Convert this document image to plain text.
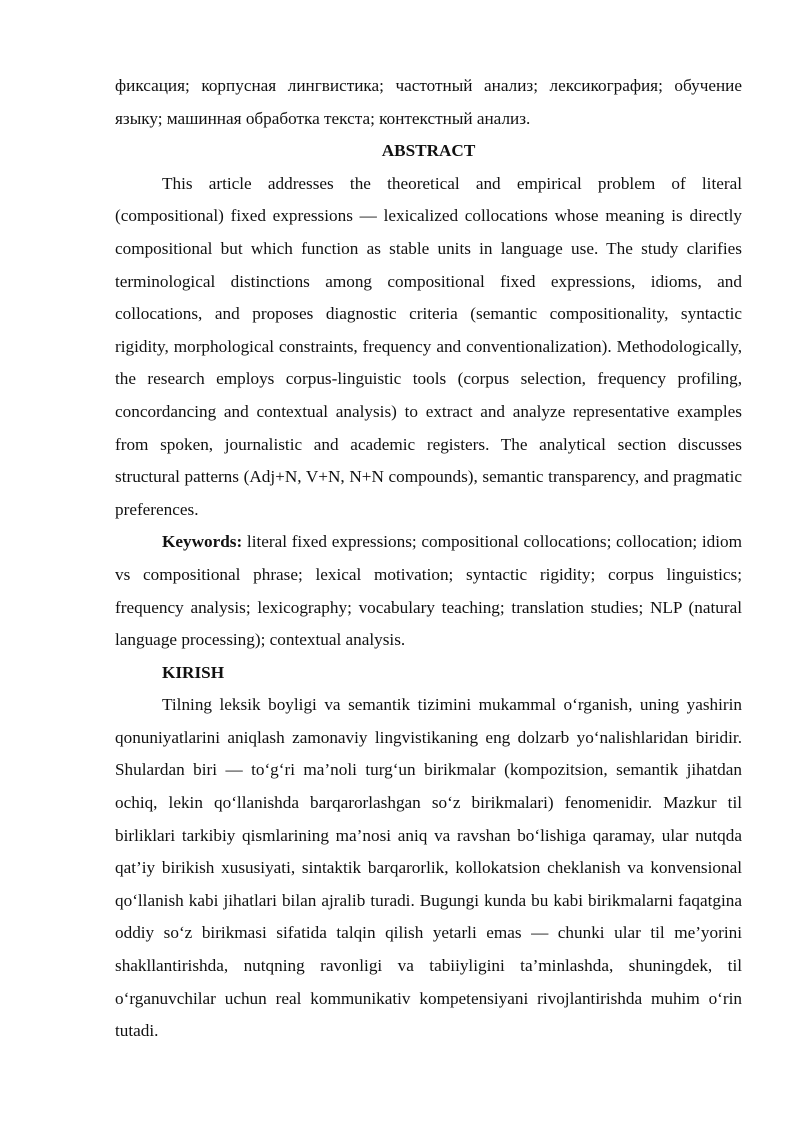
фиксация; корпусная лингвистика; частотный анализ; лексикография; обучение языку; машинная обработка текста; контекстный анализ.

ABSTRACT

This article addresses the theoretical and empirical problem of literal (compositional) fixed expressions — lexicalized collocations whose meaning is directly compositional but which function as stable units in language use. The study clarifies terminological distinctions among compositional fixed expressions, idioms, and collocations, and proposes diagnostic criteria (semantic compositionality, syntactic rigidity, morphological constraints, frequency and conventionalization). Methodologically, the research employs corpus-linguistic tools (corpus selection, frequency profiling, concordancing and contextual analysis) to extract and analyze representative examples from spoken, journalistic and academic registers. The analytical section discusses structural patterns (Adj+N, V+N, N+N compounds), semantic transparency, and pragmatic preferences.

Keywords: literal fixed expressions; compositional collocations; collocation; idiom vs compositional phrase; lexical motivation; syntactic rigidity; corpus linguistics; frequency analysis; lexicography; vocabulary teaching; translation studies; NLP (natural language processing); contextual analysis.

KIRISH

Tilning leksik boyligi va semantik tizimini mukammal o‘rganish, uning yashirin qonuniyatlarini aniqlash zamonaviy lingvistikaning eng dolzarb yo‘nalishlaridan biridir. Shulardan biri — to‘g‘ri ma’noli turg‘un birikmalar (kompozitsion, semantik jihatdan ochiq, lekin qo‘llanishda barqarorlashgan so‘z birikmalari) fenomenidir. Mazkur til birliklari tarkibiy qismlarining ma’nosi aniq va ravshan bo‘lishiga qaramay, ular nutqda qat’iy birikish xususiyati, sintaktik barqarorlik, kollokatsion cheklanish va konvensional qo‘llanish kabi jihatlari bilan ajralib turadi. Bugungi kunda bu kabi birikmalarni faqatgina oddiy so‘z birikmasi sifatida talqin qilish yetarli emas — chunki ular til me’yorini shakllantirishda, nutqning ravonligi va tabiiyligini ta’minlashda, shuningdek, til o‘rganuvchilar uchun real kommunikativ kompetensiyani rivojlantirishda muhim o‘rin tutadi.
